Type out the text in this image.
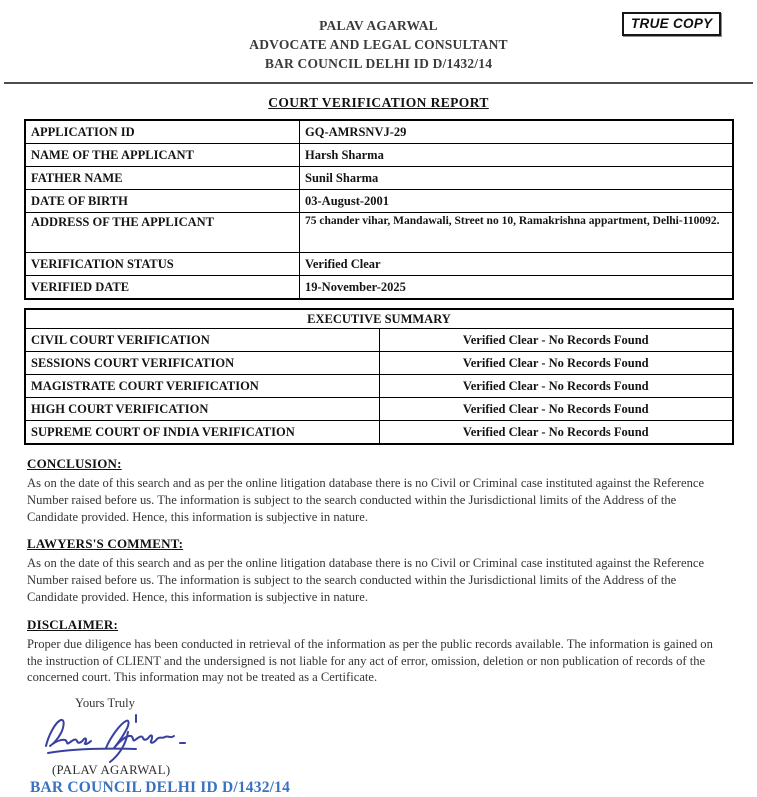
PALAV AGARWAL
ADVOCATE AND LEGAL CONSULTANT
BAR COUNCIL DELHI ID D/1432/14
TRUE COPY
COURT VERIFICATION REPORT
APPLICATION ID	GQ-AMRSNVJ-29
NAME OF THE APPLICANT	Harsh Sharma
FATHER NAME	Sunil Sharma
DATE OF BIRTH	03-August-2001
ADDRESS OF THE APPLICANT	75 chander vihar, Mandawali, Street no 10, Ramakrishna appartment, Delhi-110092.
VERIFICATION STATUS	Verified Clear
VERIFIED DATE	19-November-2025
EXECUTIVE SUMMARY	
CIVIL COURT VERIFICATION	Verified Clear - No Records Found
SESSIONS COURT VERIFICATION	Verified Clear - No Records Found
MAGISTRATE COURT VERIFICATION	Verified Clear - No Records Found
HIGH COURT VERIFICATION	Verified Clear - No Records Found
SUPREME COURT OF INDIA VERIFICATION	Verified Clear - No Records Found
CONCLUSION:
As on the date of this search and as per the online litigation database there is no Civil or Criminal case instituted against the Reference Number raised before us. The information is subject to the search conducted within the Jurisdictional limits of the Address of the Candidate provided. Hence, this information is subjective in nature.
LAWYERS'S COMMENT:
As on the date of this search and as per the online litigation database there is no Civil or Criminal case instituted against the Reference Number raised before us. The information is subject to the search conducted within the Jurisdictional limits of the Address of the Candidate provided. Hence, this information is subjective in nature.
DISCLAIMER:
Proper due diligence has been conducted in retrieval of the information as per the public records available. The information is gained on the instruction of CLIENT and the undersigned is not liable for any act of error, omission, deletion or non publication of records of the concerned court. This information may not be treated as a Certificate.
Yours Truly
(PALAV AGARWAL)
BAR COUNCIL DELHI ID D/1432/14
